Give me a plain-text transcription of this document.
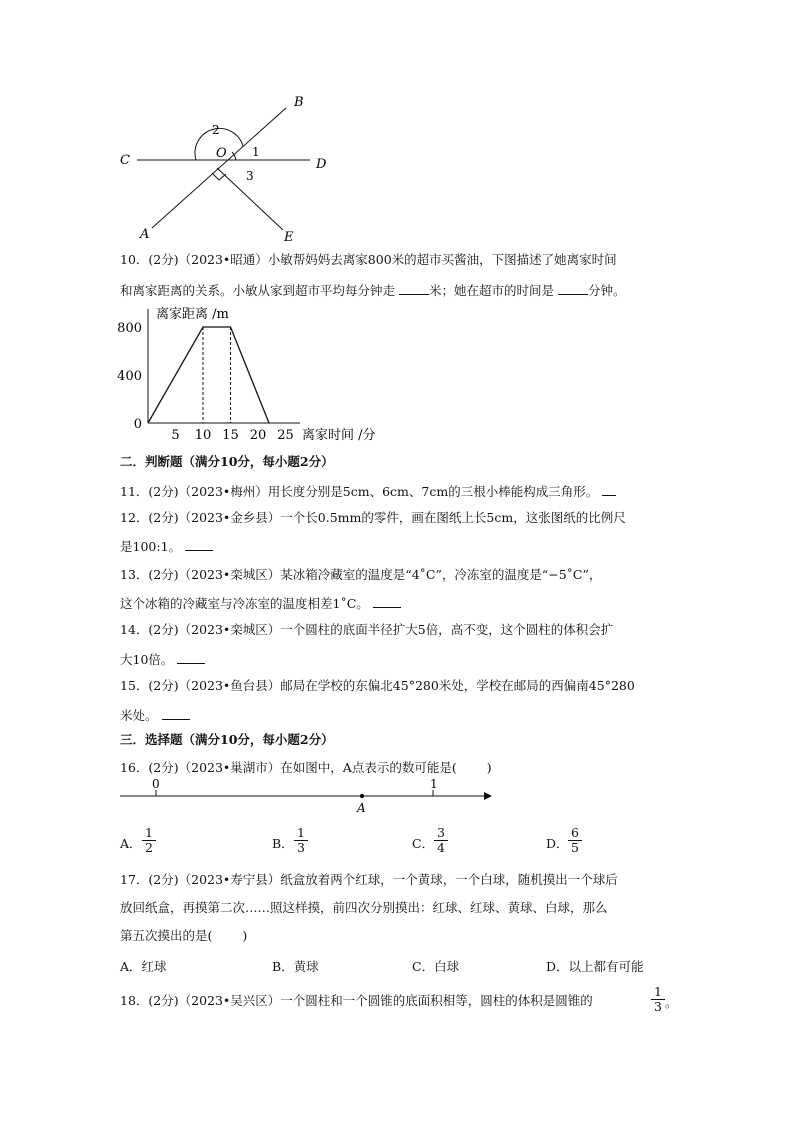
B
C	D
O
A	E
1
2
3
10．(2分)（2023•昭通）小敏帮妈妈去离家800米的超市买酱油，下图描述了她离家时间
和离家距离的关系。小敏从家到超市平均每分钟走 米；她在超市的时间是 分钟。
离家距离 /m
离家时间 /分
0
400
800
5 10 15 20 25
二．判断题（满分10分，每小题2分）
11．(2分)（2023•梅州）用长度分别是5cm、6cm、7cm的三根小棒能构成三角形。
12．(2分)（2023•金乡县）一个长0.5mm的零件，画在图纸上长5cm，这张图纸的比例尺
是100:1。
13．(2分)（2023•栾城区）某冰箱冷藏室的温度是“4˚C”，冷冻室的温度是“−5˚C”，
这个冰箱的冷藏室与冷冻室的温度相差1˚C。
14．(2分)（2023•栾城区）一个圆柱的底面半径扩大5倍，高不变，这个圆柱的体积会扩
大10倍。
15．(2分)（2023•鱼台县）邮局在学校的东偏北45°280米处，学校在邮局的西偏南45°280
米处。
三．选择题（满分10分，每小题2分）
16．(2分)（2023•巢湖市）在如图中，A点表示的数可能是( )
0	1
A
A． $\frac{1}{2}$	B． $\frac{1}{3}$	C． $\frac{3}{4}$	D． $\frac{6}{5}$
17．(2分)（2023•寿宁县）纸盒放着两个红球，一个黄球，一个白球，随机摸出一个球后
放回纸盒，再摸第二次……照这样摸，前四次分别摸出：红球、红球、黄球、白球，那么
第五次摸出的是( )
A．红球	B．黄球	C．白球	D．以上都有可能
18．(2分)（2023•吴兴区）一个圆柱和一个圆锥的底面积相等，圆柱的体积是圆锥的	$\frac{1}{3}$ 。
